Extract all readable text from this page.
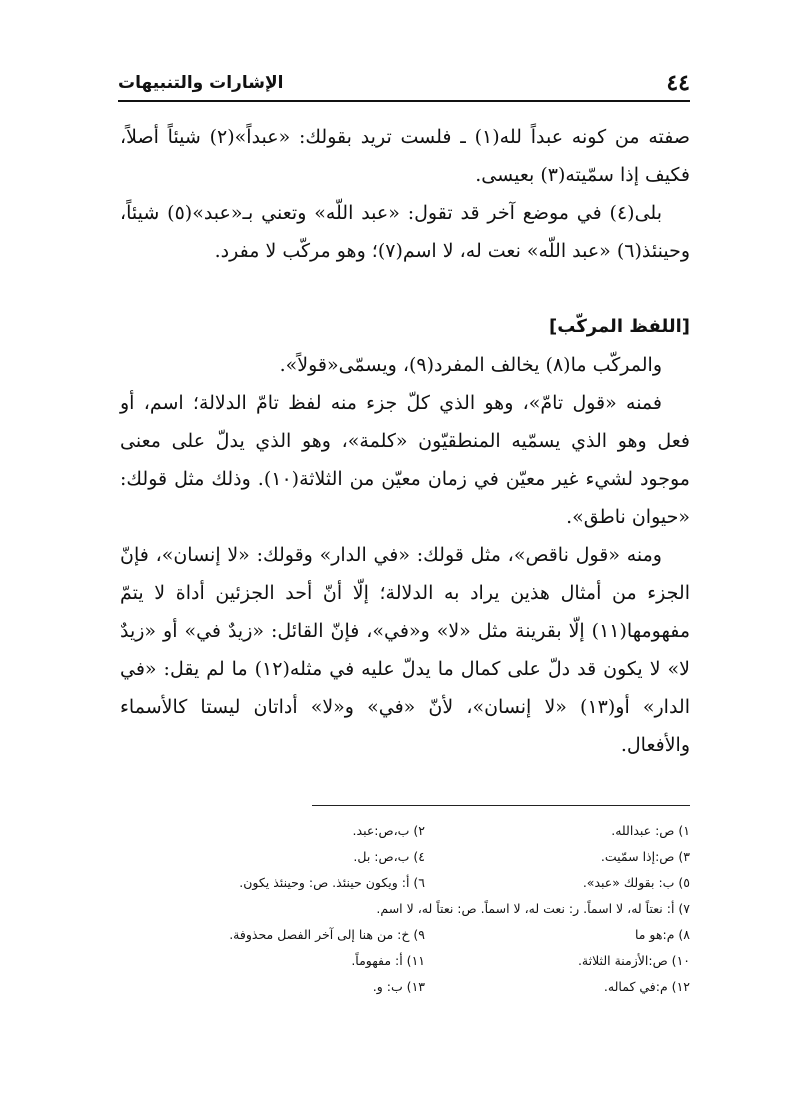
٤٤
الإشارات والتنبيهات

صفته من كونه عبداً لله(١) ـ فلست تريد بقولك: «عبداً»(٢) شيئاً أصلاً، فكيف إذا سمّيته(٣) بعيسى.

بلى(٤) في موضع آخر قد تقول: «عبد اللّه» وتعني بـ«عبد»(٥) شيئاً، وحينئذ(٦) «عبد اللّه» نعت له، لا اسم(٧)؛ وهو مركّب لا مفرد.

[اللفظ المركّب]

والمركّب ما(٨) يخالف المفرد(٩)، ويسمّى«قولاً».

فمنه «قول تامّ»، وهو الذي كلّ جزء منه لفظ تامّ الدلالة؛ اسم، أو فعل وهو الذي يسمّيه المنطقيّون «كلمة»، وهو الذي يدلّ على معنى موجود لشيء غير معيّن في زمان معيّن من الثلاثة(١٠). وذلك مثل قولك: «حيوان ناطق».

ومنه «قول ناقص»، مثل قولك: «في الدار» وقولك: «لا إنسان»، فإنّ الجزء من أمثال هذين يراد به الدلالة؛ إلّا أنّ أحد الجزئين أداة لا يتمّ مفهومها(١١) إلّا بقرينة مثل «لا» و«في»، فإنّ القائل: «زيدٌ في» أو «زيدٌ لا» لا يكون قد دلّ على كمال ما يدلّ عليه في مثله(١٢) ما لم يقل: «في الدار» أو(١٣) «لا إنسان»، لأنّ «في» و«لا» أداتان ليستا كالأسماء والأفعال.

١) ص: عبدالله.
٢) ب،ص:عبد.
٣) ص:إذا سمّيت.
٤) ب،ص: بل.
٥) ب: بقولك «عبد».
٦) أ: ويكون حينئذ. ص: وحينئذ يكون.
٧) أ: نعتاً له، لا اسماً. ر: نعت له، لا اسماً. ص: نعتاً له، لا اسم.
٨) م:هو ما
٩) خ: من هنا إلى آخر الفصل محذوفة.
١٠) ص:الأزمنة الثلاثة.
١١) أ: مفهوماً.
١٢) م:في كماله.
١٣) ب: و.
